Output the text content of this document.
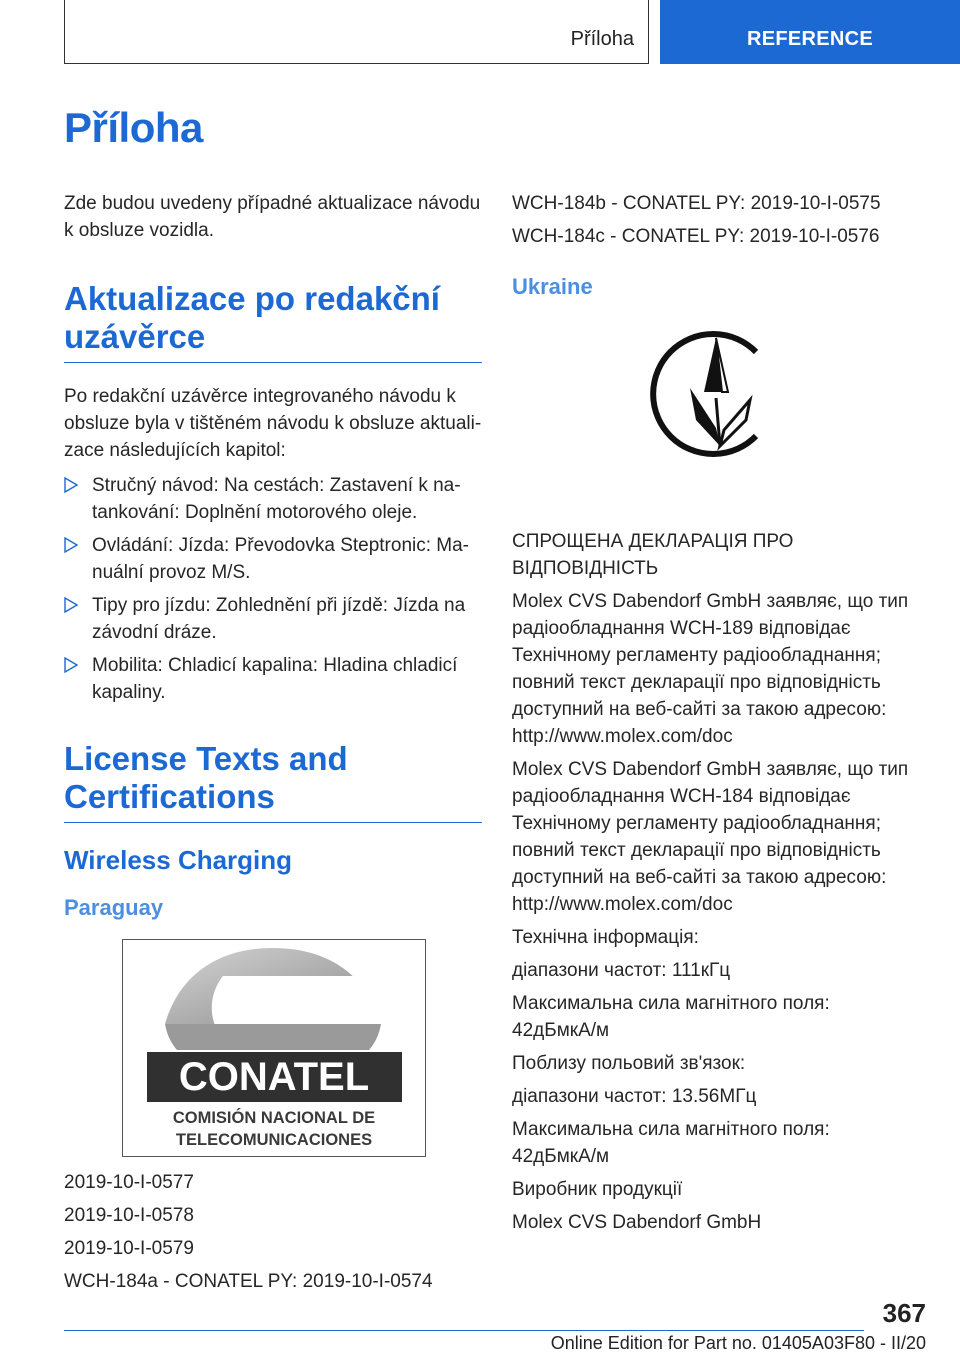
Příloha	REFERENCE
Příloha

Zde budou uvedeny případné aktualizace návodu k obsluze vozidla.

Aktualizace po redakční uzávěrce

Po redakční uzávěrce integrovaného návodu k obsluze byla v tištěném návodu k obsluze aktuali-zace následujících kapitol:

Stručný návod: Na cestách: Zastavení k na-tankování: Doplnění motorového oleje.
Ovládání: Jízda: Převodovka Steptronic: Ma-nuální provoz M/S.
Tipy pro jízdu: Zohlednění při jízdě: Jízda na závodní dráze.
Mobilita: Chladicí kapalina: Hladina chladicí kapaliny.
License Texts and Certifications
Wireless Charging
Paraguay
CONATEL
COMISIÓN NACIONAL DE
TELECOMUNICACIONES

2019-10-I-0577

2019-10-I-0578

2019-10-I-0579

WCH-184a - CONATEL PY: 2019-10-I-0574

WCH-184b - CONATEL PY: 2019-10-I-0575

WCH-184c - CONATEL PY: 2019-10-I-0576

Ukraine

СПРОЩЕНА ДЕКЛАРАЦІЯ ПРО ВІДПОВІДНІСТЬ

Molex CVS Dabendorf GmbH заявляє, що тип радіообладнання WCH-189 відповідає Технічному регламенту радіообладнання; повний текст декларації про відповідність доступний на веб-сайті за такою адресою: http://www.molex.com/doc

Molex CVS Dabendorf GmbH заявляє, що тип радіообладнання WCH-184 відповідає Технічному регламенту радіообладнання; повний текст декларації про відповідність доступний на веб-сайті за такою адресою: http://www.molex.com/doc

Технічна інформація:

діапазони частот: 111кГц

Максимальна сила магнітного поля: 42дБмкА/м

Поблизу польовий зв'язок:

діапазони частот: 13.56МГц

Максимальна сила магнітного поля: 42дБмкА/м

Виробник продукції

Molex CVS Dabendorf GmbH

367
Online Edition for Part no. 01405A03F80 - II/20
